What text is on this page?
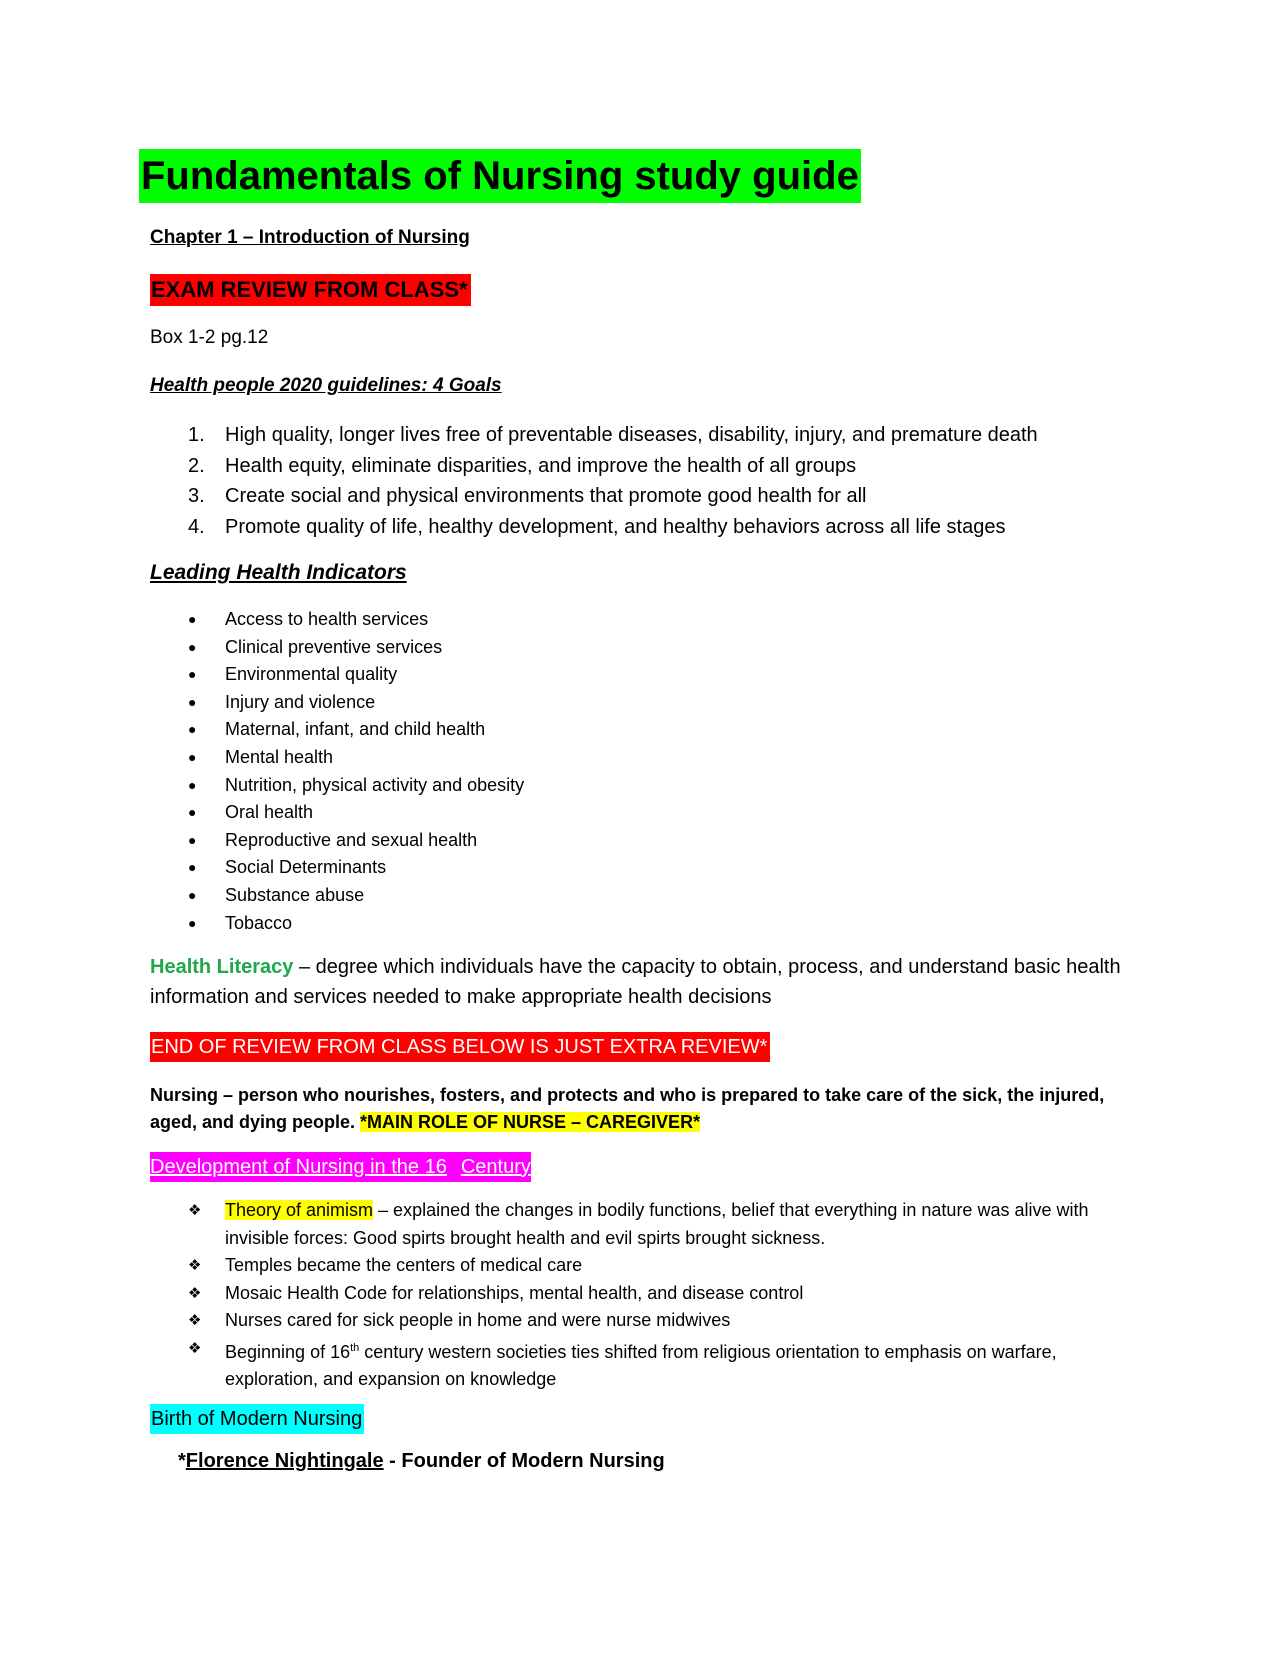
Fundamentals of Nursing study guide
Chapter 1 – Introduction of Nursing
EXAM REVIEW FROM CLASS*
Box 1-2 pg.12
Health people 2020 guidelines: 4 Goals
1. High quality, longer lives free of preventable diseases, disability, injury, and premature death
2. Health equity, eliminate disparities, and improve the health of all groups
3. Create social and physical environments that promote good health for all
4. Promote quality of life, healthy development, and healthy behaviors across all life stages
Leading Health Indicators
● Access to health services
● Clinical preventive services
● Environmental quality
● Injury and violence
● Maternal, infant, and child health
● Mental health
● Nutrition, physical activity and obesity
● Oral health
● Reproductive and sexual health
● Social Determinants
● Substance abuse
● Tobacco
Health Literacy – degree which individuals have the capacity to obtain, process, and understand basic health information and services needed to make appropriate health decisions
END OF REVIEW FROM CLASS BELOW IS JUST EXTRA REVIEW*
Nursing – person who nourishes, fosters, and protects and who is prepared to take care of the sick, the injured, aged, and dying people. *MAIN ROLE OF NURSE – CAREGIVER*
Development of Nursing in the 16 Century
❖ Theory of animism – explained the changes in bodily functions, belief that everything in nature was alive with invisible forces: Good spirts brought health and evil spirts brought sickness.
❖ Temples became the centers of medical care
❖ Mosaic Health Code for relationships, mental health, and disease control
❖ Nurses cared for sick people in home and were nurse midwives
❖ Beginning of 16th century western societies ties shifted from religious orientation to emphasis on warfare, exploration, and expansion on knowledge
Birth of Modern Nursing
*Florence Nightingale - Founder of Modern Nursing
